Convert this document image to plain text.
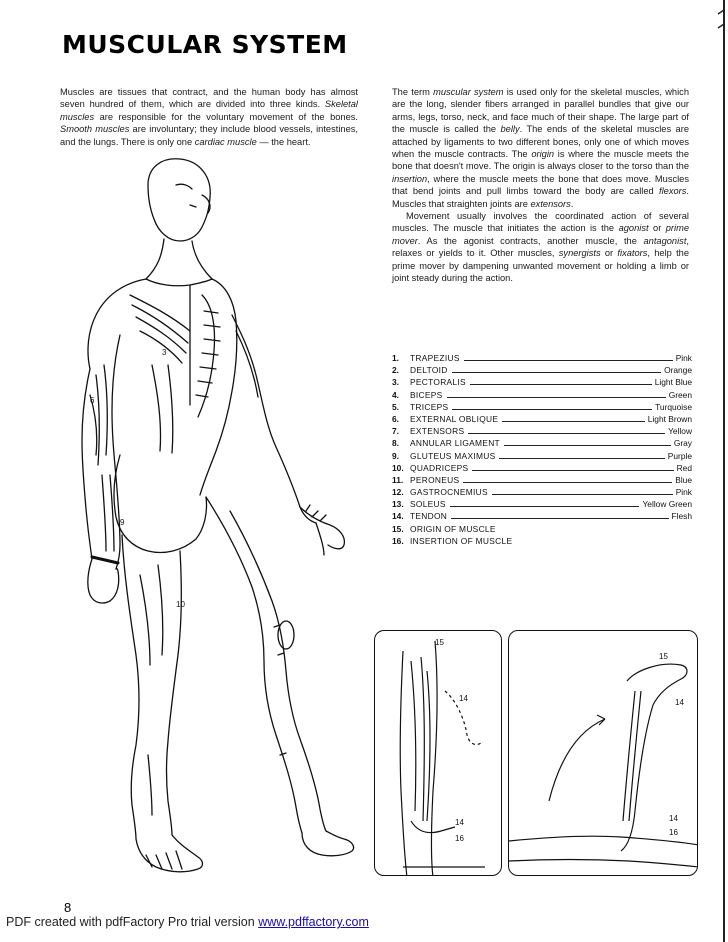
MUSCULAR SYSTEM

Muscles are tissues that contract, and the human body has almost seven hundred of them, which are divided into three kinds. Skeletal muscles are responsible for the voluntary movement of the bones. Smooth muscles are involuntary; they include blood vessels, intestines, and the lungs. There is only one cardiac muscle — the heart.

The term muscular system is used only for the skeletal muscles, which are the long, slender fibers arranged in parallel bundles that give our arms, legs, torso, neck, and face much of their shape. The large part of the muscle is called the belly. The ends of the skeletal muscles are attached by ligaments to two different bones, only one of which moves when the muscle contracts. The origin is where the muscle meets the bone that doesn't move. The origin is always closer to the torso than the insertion, where the muscle meets the bone that does move. Muscles that bend joints and pull limbs toward the body are called flexors. Muscles that straighten joints are extensors.

Movement usually involves the coordinated action of several muscles. The muscle that initiates the action is the agonist or prime mover. As the agonist contracts, another muscle, the antagonist, relaxes or yields to it. Other muscles, synergists or fixators, help the prime mover by dampening unwanted movement or holding a limb or joint steady during the action.

1.	TRAPEZIUS	Pink
2.	DELTOID	Orange
3.	PECTORALIS	Light Blue
4.	BICEPS	Green
5.	TRICEPS	Turquoise
6.	EXTERNAL OBLIQUE	Light Brown
7.	EXTENSORS	Yellow
8.	ANNULAR LIGAMENT	Gray
9.	GLUTEUS MAXIMUS	Purple
10. QUADRICEPS	Red
11. PERONEUS	Blue
12. GASTROCNEMIUS	Pink
13. SOLEUS	Yellow Green
14. TENDON	Flesh
15. ORIGIN OF MUSCLE
16. INSERTION OF MUSCLE
3
6
9
10
15
14
14
16
15
14
14
16
8
PDF created with pdfFactory Pro trial version www.pdffactory.com
